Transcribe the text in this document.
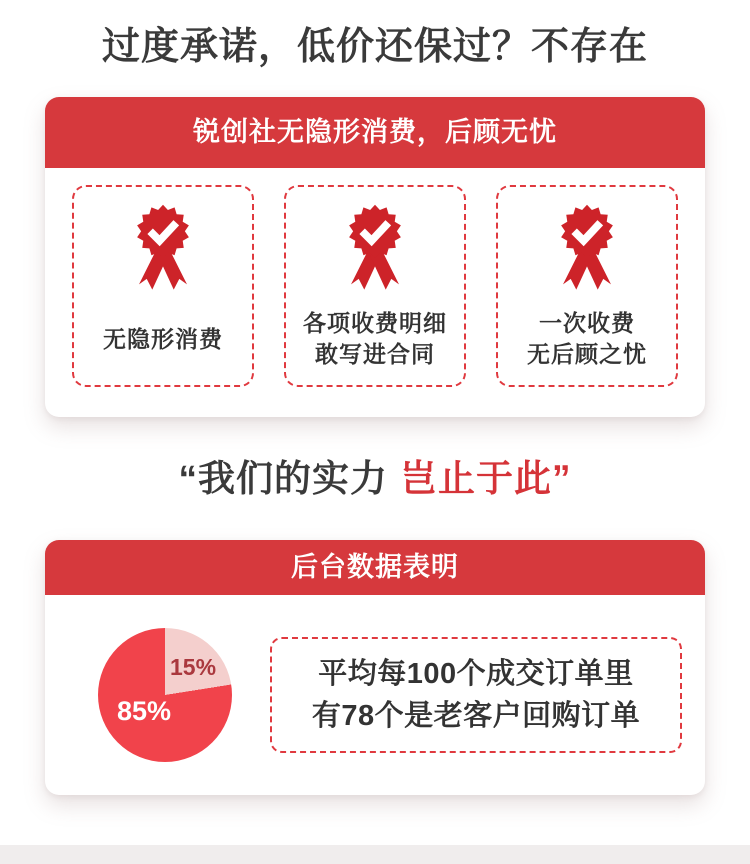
过度承诺，低价还保过？不存在
锐创社无隐形消费，后顾无忧
无隐形消费
各项收费明细
敢写进合同
一次收费
无后顾之忧
“我们的实力 岂止于此”
后台数据表明
85%
15%	平均每100个成交订单里
有78个是老客户回购订单
